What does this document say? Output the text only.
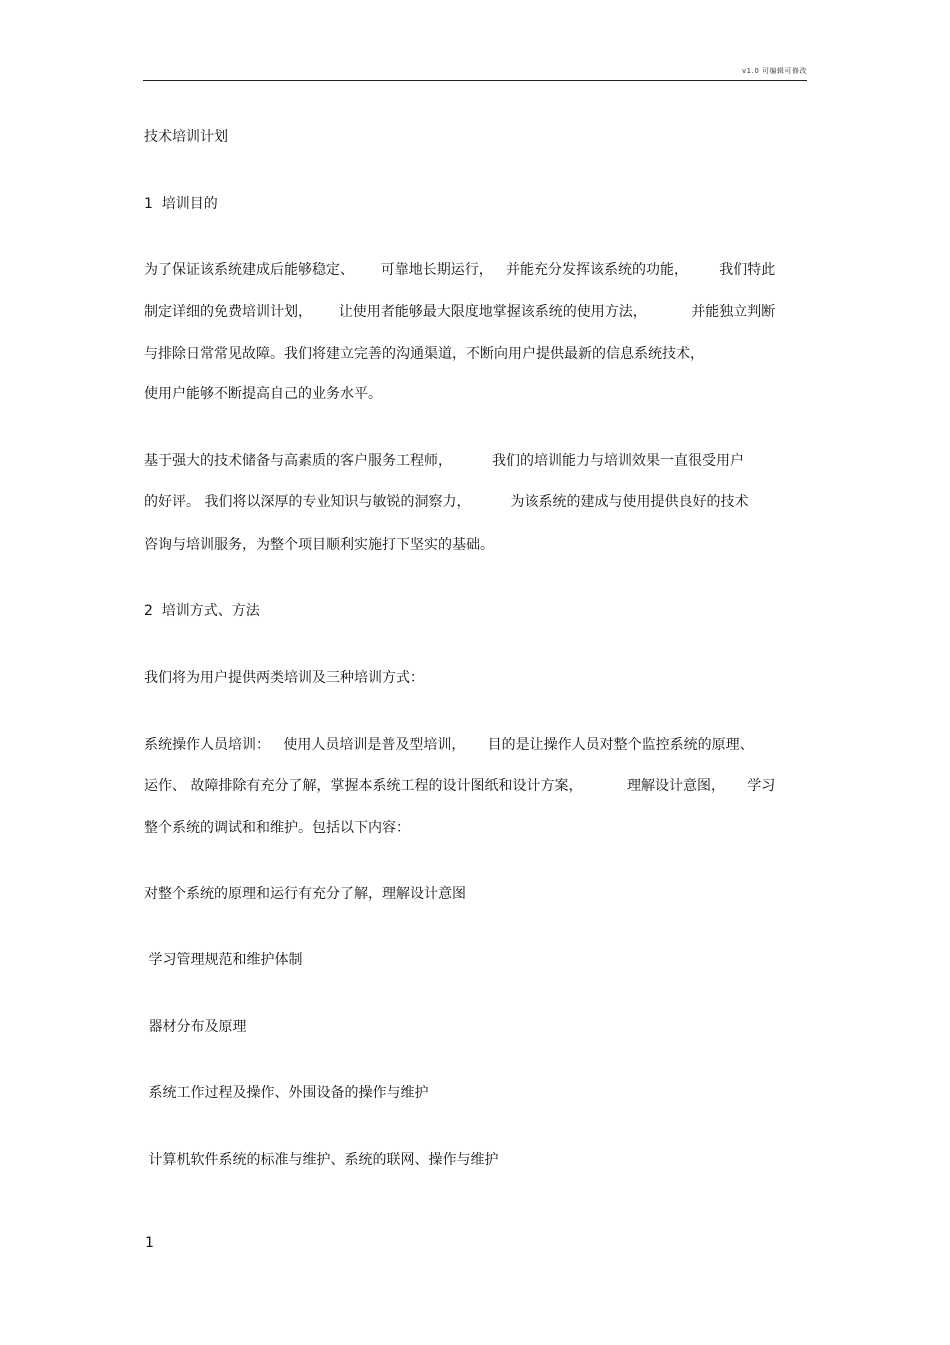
v1.0 可编辑可修改
技术培训计划
1  培训目的
为了保证该系统建成后能够稳定、      可靠地长期运行，   并能充分发挥该系统的功能，       我们特此
制定详细的免费培训计划，      让使用者能够最大限度地掌握该系统的使用方法，          并能独立判断
与排除日常常见故障。我们将建立完善的沟通渠道，不断向用户提供最新的信息系统技术，
使用户能够不断提高自己的业务水平。
基于强大的技术储备与高素质的客户服务工程师，         我们的培训能力与培训效果一直很受用户
的好评。 我们将以深厚的专业知识与敏锐的洞察力，         为该系统的建成与使用提供良好的技术
咨询与培训服务，为整个项目顺利实施打下坚实的基础。
2  培训方式、方法
我们将为用户提供两类培训及三种培训方式：
系统操作人员培训：   使用人员培训是普及型培训，     目的是让操作人员对整个监控系统的原理、
运作、 故障排除有充分了解，掌握本系统工程的设计图纸和设计方案，          理解设计意图，     学习
整个系统的调试和和维护。包括以下内容：
对整个系统的原理和运行有充分了解，理解设计意图
学习管理规范和维护体制
器材分布及原理
系统工作过程及操作、外围设备的操作与维护
计算机软件系统的标准与维护、系统的联网、操作与维护
1
